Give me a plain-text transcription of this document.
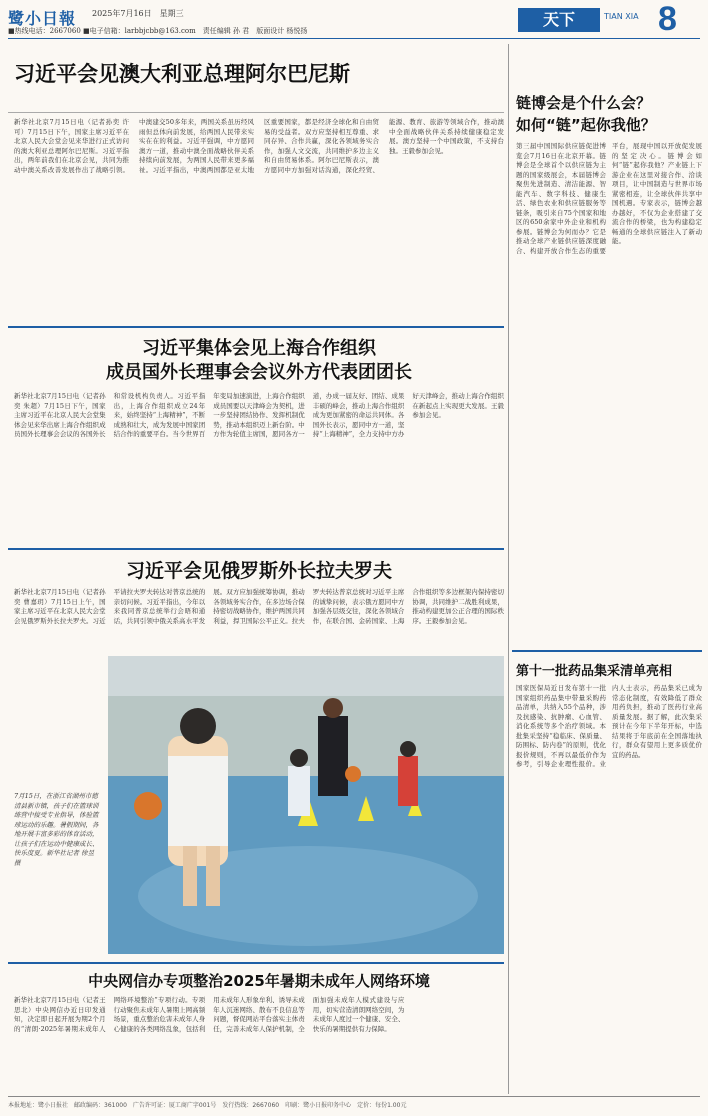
鹭小日報 2025年7月16日　星期三
■热线电话：2667060 ■电子信箱：larbbjcbb@163.com　责任编辑 孙 君　版面设计 杨悦扬
天下	TIAN XIA 8
习近平会见澳大利亚总理阿尔巴尼斯
新华社北京7月15日电（记者孙奕 许可）7月15日下午，国家主席习近平在北京人民大会堂会见来华进行正式访问的澳大利亚总理阿尔巴尼斯。习近平指出，两年前我们在北京会见，共同为推动中澳关系改善发展作出了战略引领。中澳建交50多年来，两国关系虽历经风雨但总体向前发展，给两国人民带来实实在在的利益。习近平强调，中方愿同澳方一道，推动中澳全面战略伙伴关系持续向前发展，为两国人民带来更多福祉。习近平指出，中澳两国都是亚太地区重要国家，都是经济全球化和自由贸易的受益者。双方应坚持相互尊重、求同存异、合作共赢，深化各领域务实合作，加强人文交流，共同维护多边主义和自由贸易体系。阿尔巴尼斯表示，澳方愿同中方加强对话沟通，深化经贸、能源、教育、旅游等领域合作，推动澳中全面战略伙伴关系持续健康稳定发展。澳方坚持一个中国政策，不支持台独。王毅参加会见。
习近平集体会见上海合作组织
成员国外长理事会会议外方代表团团长
新华社北京7月15日电（记者孙奕 朱超）7月15日下午，国家主席习近平在北京人民大会堂集体会见来华出席上海合作组织成员国外长理事会会议的各国外长和常设机构负责人。习近平指出，上海合作组织成立24年来，始终坚持“上海精神”，不断成熟和壮大，成为发展中国家团结合作的重要平台。当今世界百年变局加速演进，上海合作组织成员国要以天津峰会为契机，进一步坚持团结协作、发挥机制优势，推动本组织迈上新台阶。中方作为轮值主席国，愿同各方一道，办成一届友好、团结、成果丰硕的峰会，推动上海合作组织成为更加紧密的命运共同体。各国外长表示，愿同中方一道，坚持“上海精神”，全力支持中方办好天津峰会，推动上海合作组织在新起点上实现更大发展。王毅参加会见。
习近平会见俄罗斯外长拉夫罗夫
新华社北京7月15日电（记者孙奕 曹嘉玥）7月15日上午，国家主席习近平在北京人民大会堂会见俄罗斯外长拉夫罗夫。习近平请拉夫罗夫转达对普京总统的亲切问候。习近平指出，今年以来我同普京总统举行会晤和通话，共同引领中俄关系高水平发展。双方应加强统筹协调，推动各领域务实合作，在多边场合保持密切战略协作，维护两国共同利益，捍卫国际公平正义。拉夫罗夫转达普京总统对习近平主席的诚挚问候，表示俄方愿同中方加强各层级交往，深化各领域合作，在联合国、金砖国家、上海合作组织等多边框架内保持密切协调，共同维护二战胜利成果，推动构建更加公正合理的国际秩序。王毅参加会见。
7月15日，在浙江省湖州市德清县新市镇，孩子们在篮球训练营中接受专业指导，体验篮球运动的乐趣。暑假期间，各地开展丰富多彩的体育活动，让孩子们在运动中健康成长、快乐度夏。新华社记者 徐昱 摄
中央网信办专项整治2025年暑期未成年人网络环境
新华社北京7月15日电（记者王思北）中央网信办近日印发通知，决定即日起开展为期2个月的“清朗·2025年暑期未成年人网络环境整治”专项行动。专项行动聚焦未成年人暑期上网高频场景，重点整治危害未成年人身心健康的各类网络乱象，包括利用未成年人形象牟利、诱导未成年人沉迷网络、散布不良信息等问题，督促网站平台落实主体责任，完善未成年人保护机制，全面加强未成年人模式建设与应用，切实营造清朗网络空间，为未成年人度过一个健康、安全、快乐的暑期提供有力保障。
链博会是个什么会？
如何“链”起你我他？
第三届中国国际供应链促进博览会7月16日在北京开幕。链博会是全球首个以供应链为主题的国家级展会，本届链博会聚焦先进制造、清洁能源、智能汽车、数字科技、健康生活、绿色农业和供应链服务等链条，吸引来自75个国家和地区的650余家中外企业和机构参展。链博会为何而办？它是推动全球产业链供应链深度融合、构建开放合作生态的重要平台，展现中国以开放促发展的坚定决心。链博会如何“链”起你我他？产业链上下游企业在这里对接合作、洽谈项目，让中国制造与世界市场紧密相连，让全球伙伴共享中国机遇。专家表示，链博会越办越好，不仅为企业搭建了交流合作的桥梁，也为构建稳定畅通的全球供应链注入了新动能。
第十一批药品集采清单亮相
国家医保局近日发布第十一批国家组织药品集中带量采购药品清单，共纳入55个品种，涉及抗感染、抗肿瘤、心血管、消化系统等多个治疗领域。本批集采坚持“稳临床、保质量、防围标、防内卷”的原则，优化报价规则，不再以最低价作为参考，引导企业理性报价。业内人士表示，药品集采已成为常态化制度，有效降低了群众用药负担，推动了医药行业高质量发展。据了解，此次集采预计在今年下半年开标，中选结果将于年底前在全国落地执行，群众有望用上更多质优价宜的药品。
本报地址：鹭小日报社　邮政编码：361000　广告许可证：厦工商广字001号　发行热线：2667060　印刷：鹭小日报印务中心　定价：每份1.00元
